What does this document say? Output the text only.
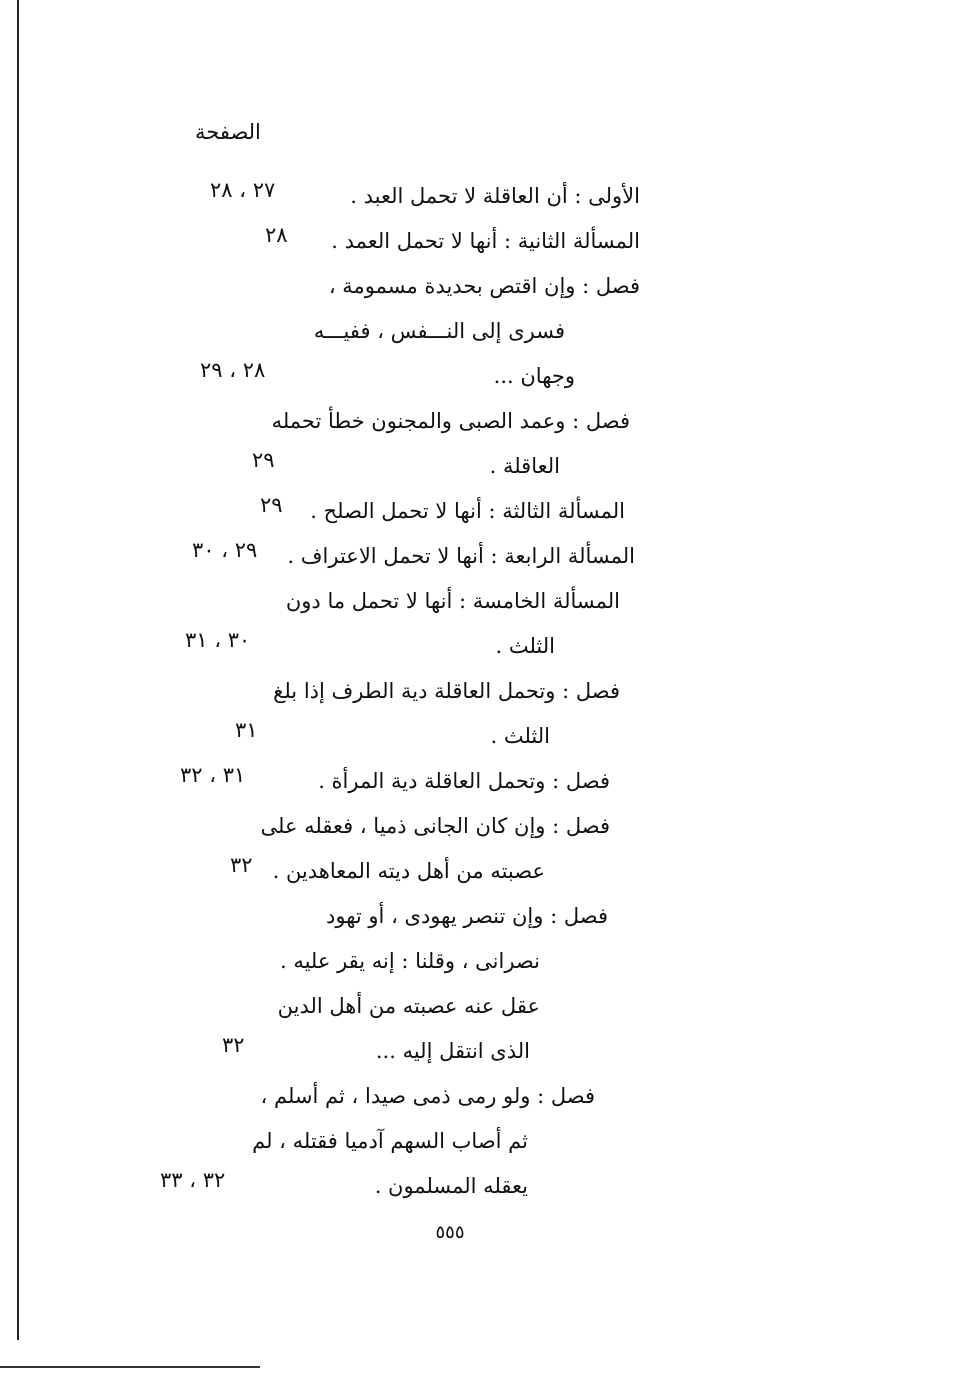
الصفحة
الأولى : أن العاقلة لا تحمل العبد .
٢٧ ، ٢٨
المسألة الثانية : أنها لا تحمل العمد .
٢٨
فصل : وإن اقتص بحديدة مسمومة ،
فسرى إلى النـــفس ، ففيـــه
وجهان ...
٢٨ ، ٢٩
فصل : وعمد الصبى والمجنون خطأ تحمله
العاقلة .
٢٩
المسألة الثالثة : أنها لا تحمل الصلح .
٢٩
المسألة الرابعة : أنها لا تحمل الاعتراف .
٢٩ ، ٣٠
المسألة الخامسة : أنها لا تحمل ما دون
الثلث .
٣٠ ، ٣١
فصل : وتحمل العاقلة دية الطرف إذا بلغ
الثلث .
٣١
فصل : وتحمل العاقلة دية المرأة .
٣١ ، ٣٢
فصل : وإن كان الجانى ذميا ، فعقله على
عصبته من أهل ديته المعاهدين .
٣٢
فصل : وإن تنصر يهودى ، أو تهود
نصرانى ، وقلنا : إنه يقر عليه .
عقل عنه عصبته من أهل الدين
الذى انتقل إليه ...
٣٢
فصل : ولو رمى ذمى صيدا ، ثم أسلم ،
ثم أصاب السهم آدميا فقتله ، لم
يعقله المسلمون .
٣٢ ، ٣٣
٥٥٥
